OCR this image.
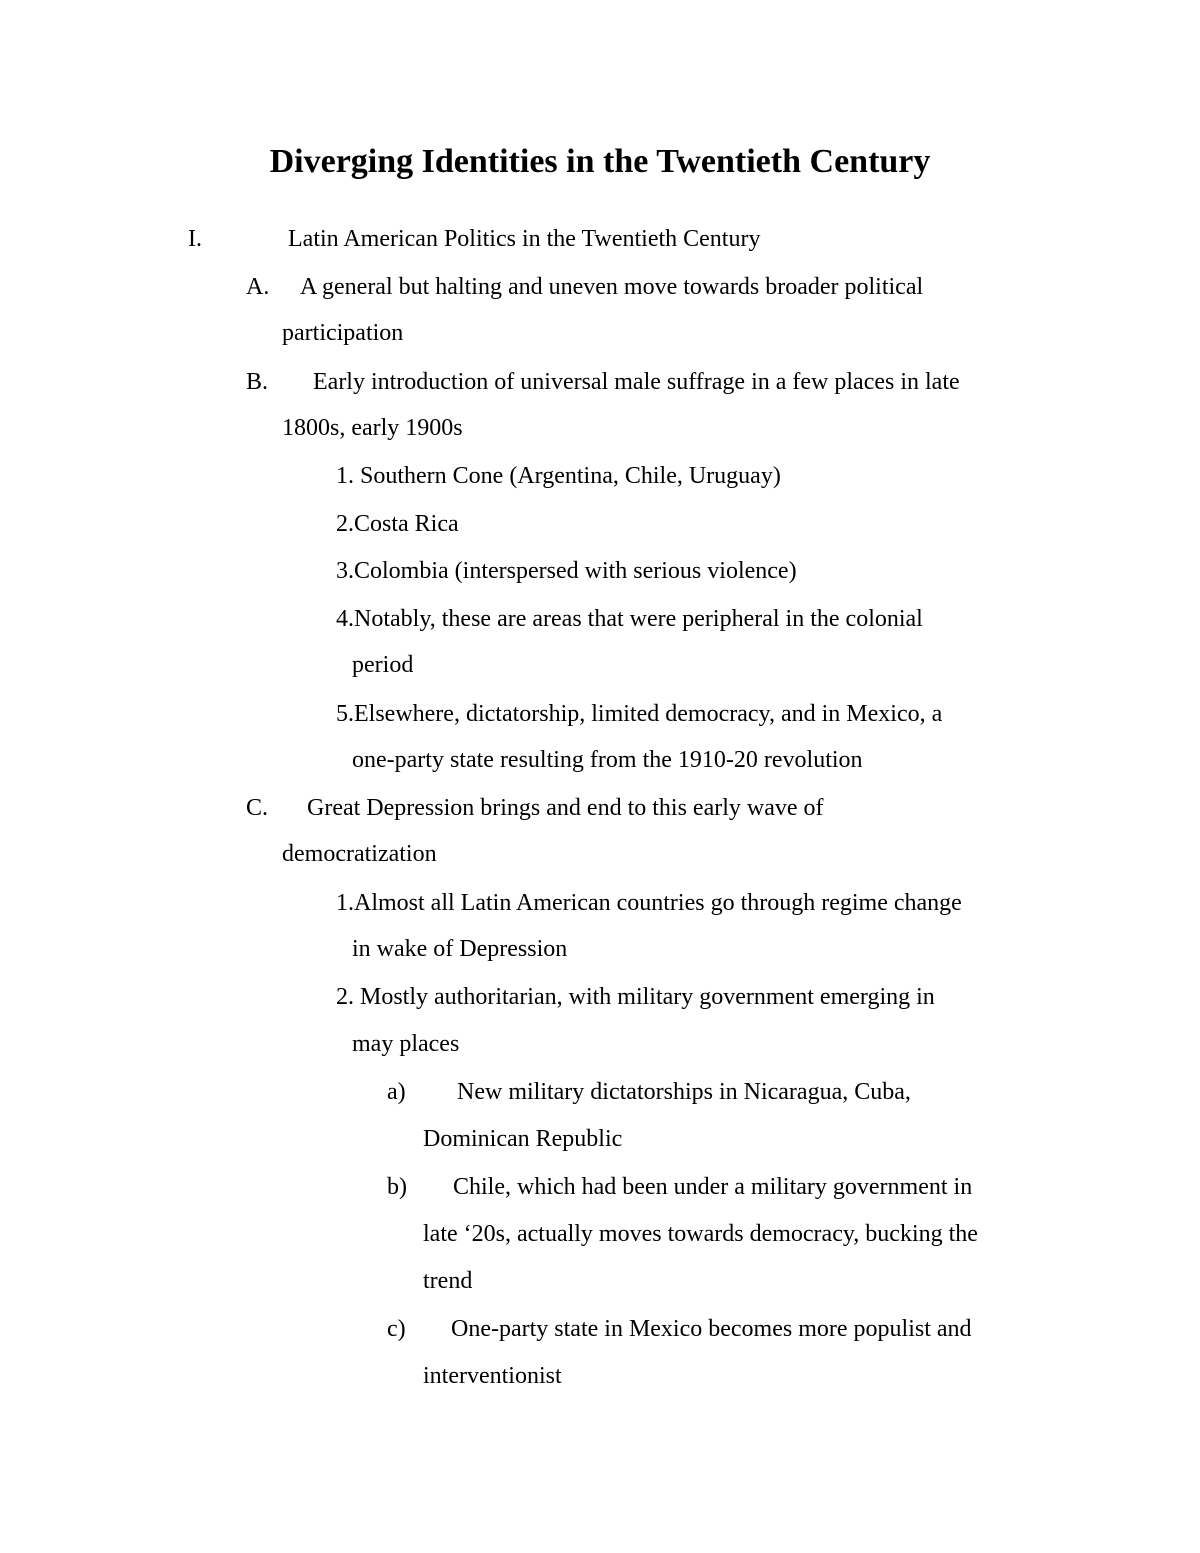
Diverging Identities in the Twentieth Century
I.	Latin American Politics in the Twentieth Century
A. A general but halting and uneven move towards broader political
participation
B. Early introduction of universal male suffrage in a few places in late
1800s, early 1900s
1. Southern Cone (Argentina, Chile, Uruguay)
2.Costa Rica
3.Colombia (interspersed with serious violence)
4.Notably, these are areas that were peripheral in the colonial
period
5.Elsewhere, dictatorship, limited democracy, and in Mexico, a
one-party state resulting from the 1910-20 revolution
C. Great Depression brings and end to this early wave of
democratization
1.Almost all Latin American countries go through regime change
in wake of Depression
2. Mostly authoritarian, with military government emerging in
may places
a) New military dictatorships in Nicaragua, Cuba,
Dominican Republic
b) Chile, which had been under a military government in
late ‘20s, actually moves towards democracy, bucking the
trend
c) One-party state in Mexico becomes more populist and
interventionist
